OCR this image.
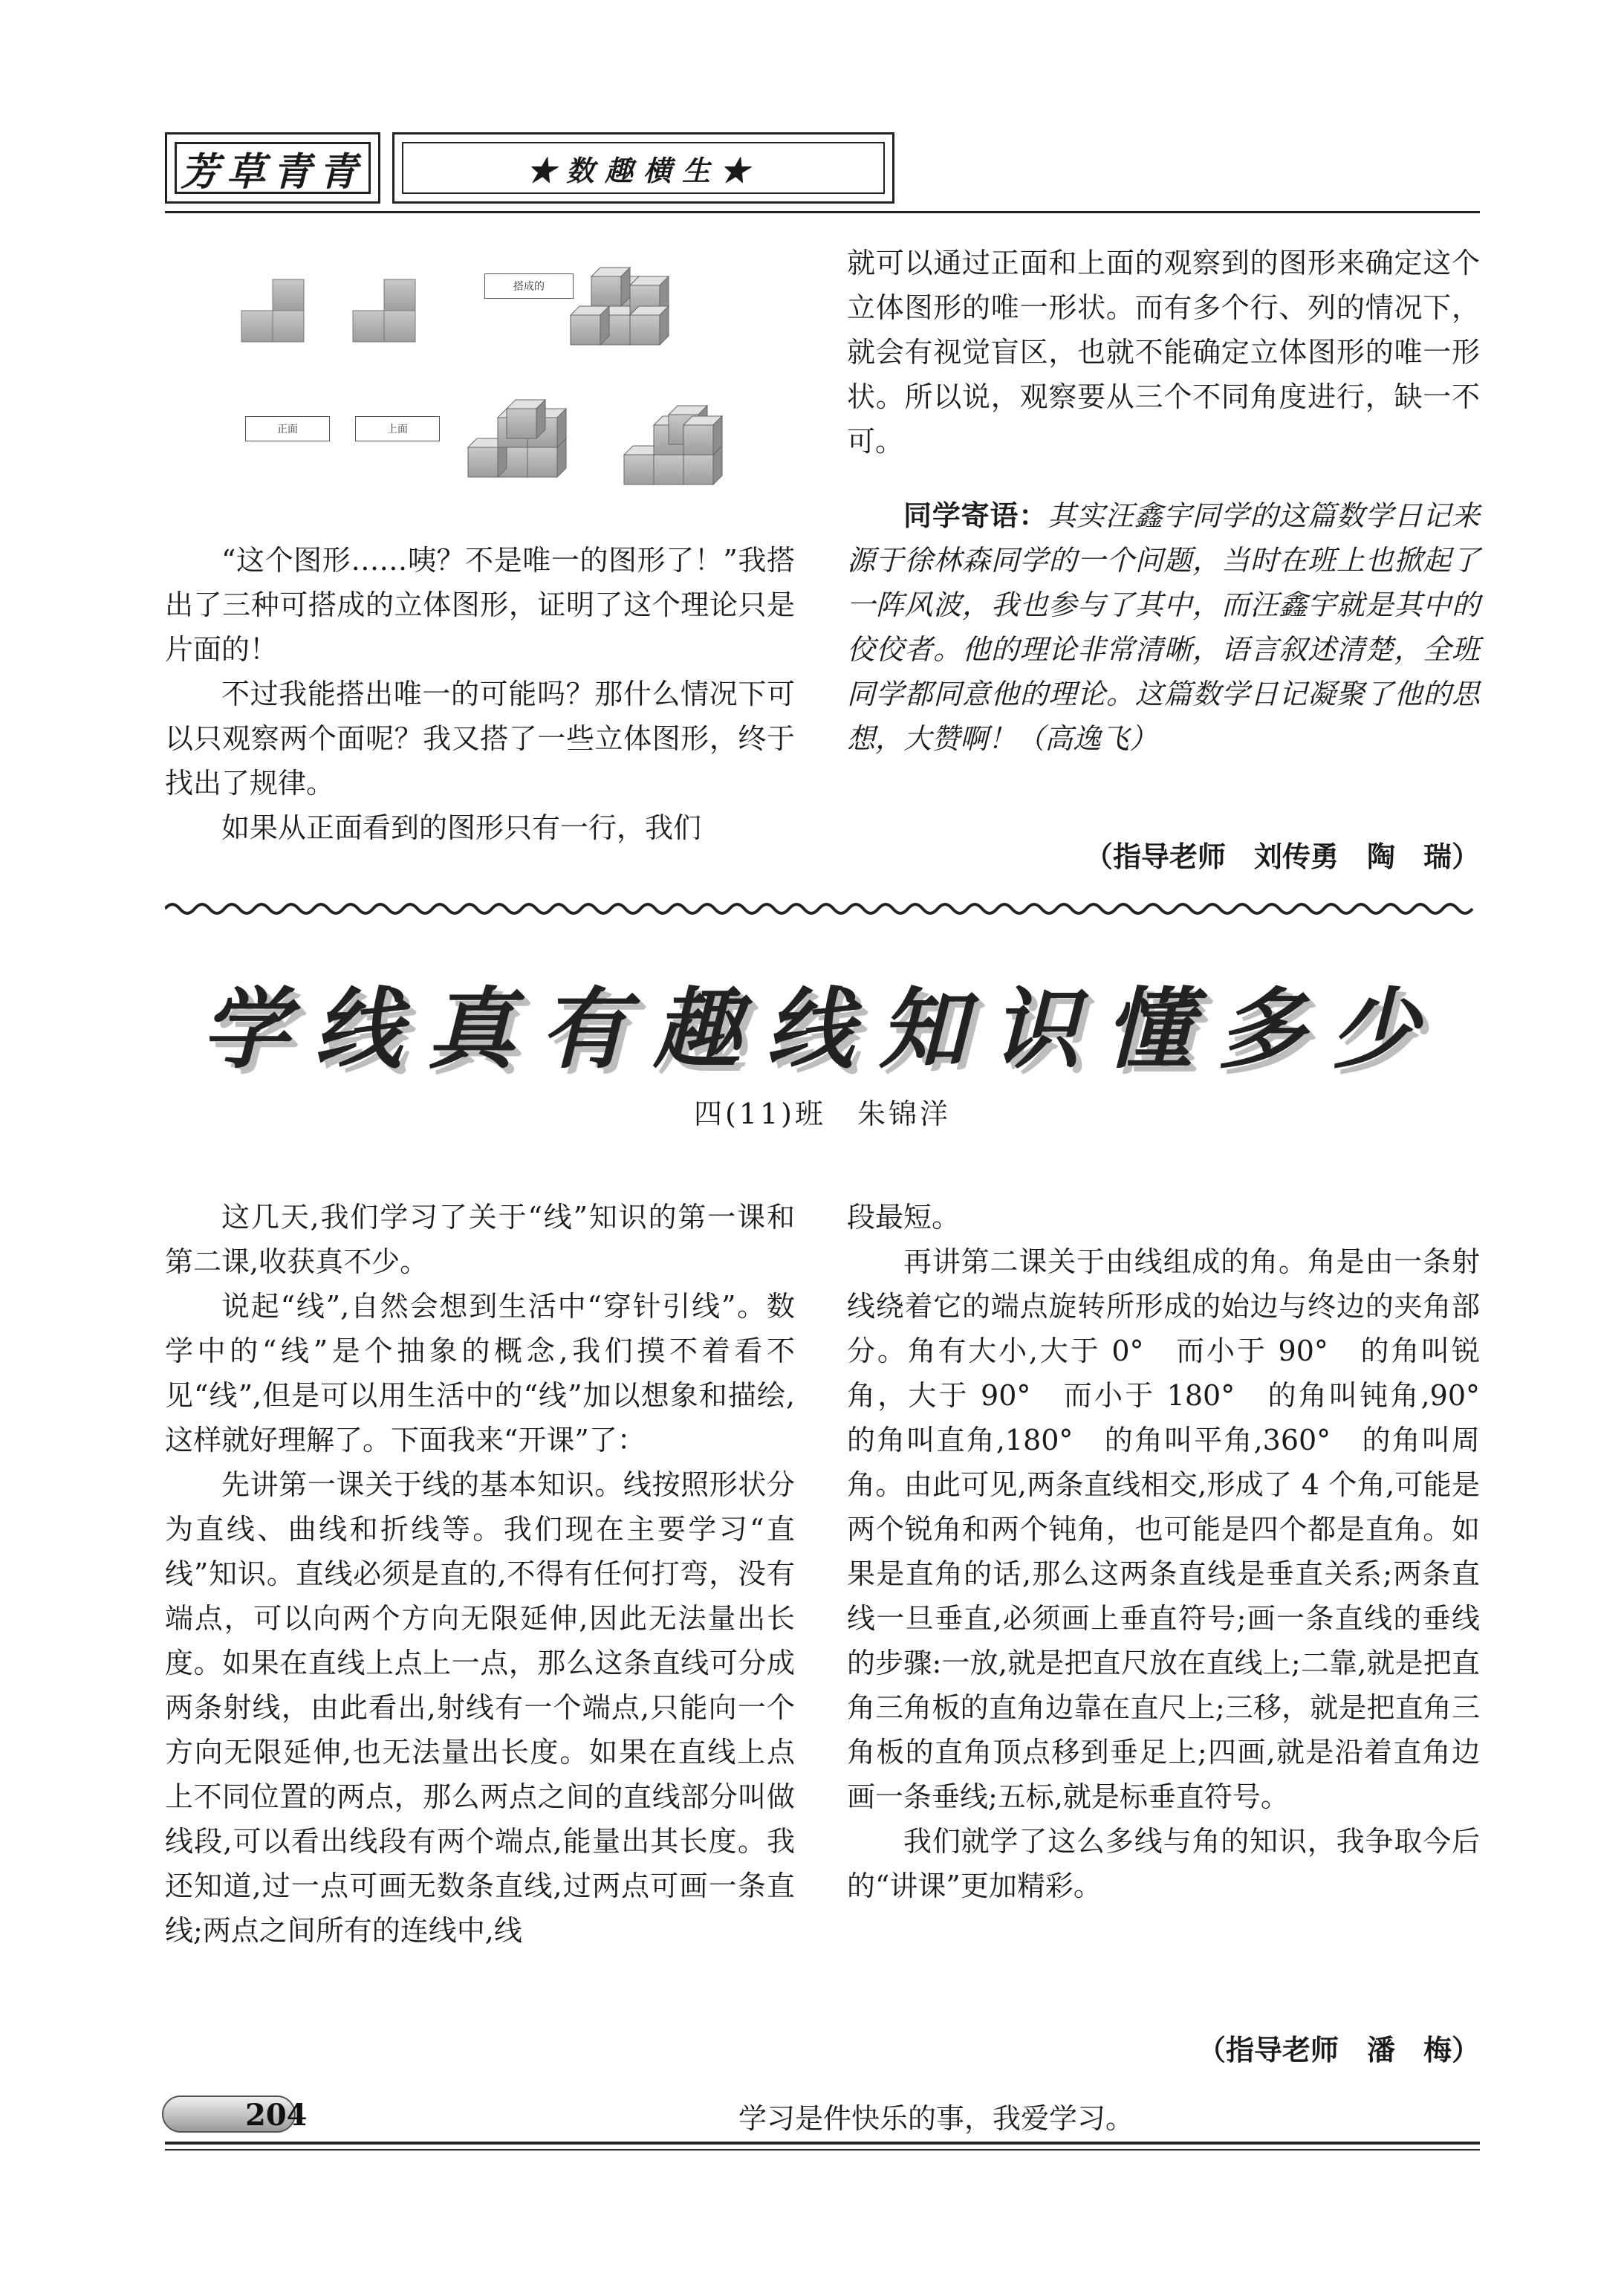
芳草青青	★数趣横生★
搭成的
正面	上面

“这个图形……咦？不是唯一的图形了！”我搭出了三种可搭成的立体图形，证明了这个理论只是片面的！

不过我能搭出唯一的可能吗？那什么情况下可以只观察两个面呢？我又搭了一些立体图形，终于找出了规律。

如果从正面看到的图形只有一行，我们

就可以通过正面和上面的观察到的图形来确定这个立体图形的唯一形状。而有多个行、列的情况下，就会有视觉盲区，也就不能确定立体图形的唯一形状。所以说，观察要从三个不同角度进行，缺一不可。

同学寄语：其实汪鑫宇同学的这篇数学日记来源于徐林森同学的一个问题，当时在班上也掀起了一阵风波，我也参与了其中，而汪鑫宇就是其中的佼佼者。他的理论非常清晰，语言叙述清楚，全班同学都同意他的理论。这篇数学日记凝聚了他的思想，大赞啊！（高逸飞）

（指导老师　刘传勇　陶　瑞）
学线真有趣线知识懂多少
四(11)班　朱锦洋

这几天,我们学习了关于“线”知识的第一课和第二课,收获真不少。

说起“线”,自然会想到生活中“穿针引线”。数学中的“线”是个抽象的概念,我们摸不着看不见“线”,但是可以用生活中的“线”加以想象和描绘,这样就好理解了。下面我来“开课”了：

先讲第一课关于线的基本知识。线按照形状分为直线、曲线和折线等。我们现在主要学习“直线”知识。直线必须是直的,不得有任何打弯，没有端点，可以向两个方向无限延伸,因此无法量出长度。如果在直线上点上一点，那么这条直线可分成两条射线，由此看出,射线有一个端点,只能向一个方向无限延伸,也无法量出长度。如果在直线上点上不同位置的两点，那么两点之间的直线部分叫做线段,可以看出线段有两个端点,能量出其长度。我还知道,过一点可画无数条直线,过两点可画一条直线;两点之间所有的连线中,线

段最短。

再讲第二课关于由线组成的角。角是由一条射线绕着它的端点旋转所形成的始边与终边的夹角部分。角有大小,大于 0°　而小于 90°　的角叫锐角，大于 90°　而小于 180°　的角叫钝角,90°　的角叫直角,180°　的角叫平角,360°　的角叫周角。由此可见,两条直线相交,形成了 4 个角,可能是两个锐角和两个钝角，也可能是四个都是直角。如果是直角的话,那么这两条直线是垂直关系;两条直线一旦垂直,必须画上垂直符号;画一条直线的垂线的步骤:一放,就是把直尺放在直线上;二靠,就是把直角三角板的直角边靠在直尺上;三移，就是把直角三角板的直角顶点移到垂足上;四画,就是沿着直角边画一条垂线;五标,就是标垂直符号。

我们就学了这么多线与角的知识，我争取今后的“讲课”更加精彩。

（指导老师　潘　梅）
204	学习是件快乐的事，我爱学习。
